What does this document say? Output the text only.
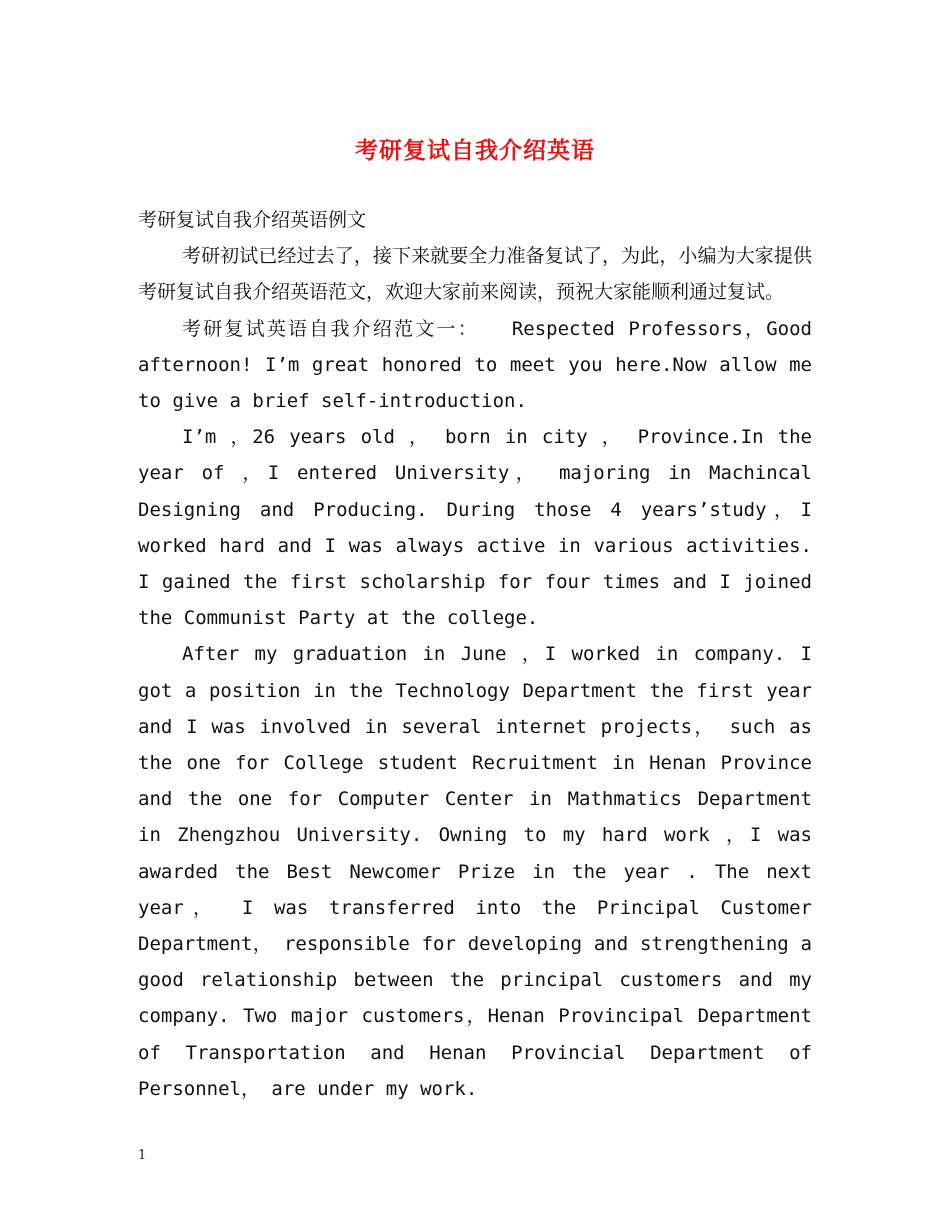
考研复试自我介绍英语

考研复试自我介绍英语例文

考研初试已经过去了，接下来就要全力准备复试了，为此，小编为大家提供考研复试自我介绍英语范文，欢迎大家前来阅读，预祝大家能顺利通过复试。

考研复试英语自我介绍范文一：　　Respected Professors，Good afternoon! I’m great honored to meet you here.Now allow me to give a brief self-introduction.

I’m ，26 years old ， born in city ， Province.In the year of ，I entered University， majoring in Machincal Designing and Producing. During those 4 years’study，I worked hard and I was always active in various activities. I gained the first scholarship for four times and I joined the Communist Party at the college.

After my graduation in June ，I worked in company. I got a position in the Technology Department the first year and I was involved in several internet projects， such as the one for College student Recruitment in Henan Province and the one for Computer Center in Mathmatics Department in Zhengzhou University. Owning to my hard work ，I was awarded the Best Newcomer Prize in the year . The next year， I was transferred into the Principal Customer Department， responsible for developing and strengthening a good relationship between the principal customers and my company. Two major customers，Henan Provincipal Department of Transportation and Henan Provincial Department of Personnel， are under my work.

1
